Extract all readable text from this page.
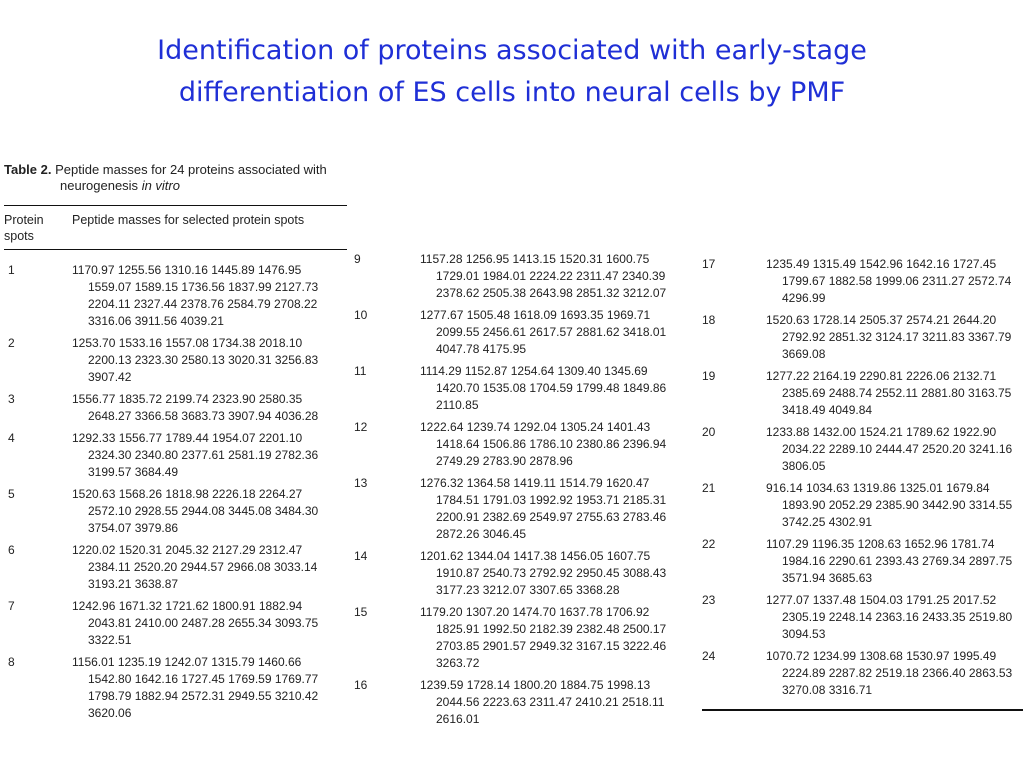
Identification of proteins associated with early-stage
differentiation of ES cells into neural cells by PMF
Table 2. Peptide masses for 24 proteins associated with
neurogenesis in vitro
Protein
spots
Peptide masses for selected protein spots
1	1170.97 1255.56 1310.16 1445.89 1476.95
1559.07 1589.15 1736.56 1837.99 2127.73
2204.11 2327.44 2378.76 2584.79 2708.22
3316.06 3911.56 4039.21
2	1253.70 1533.16 1557.08 1734.38 2018.10
2200.13 2323.30 2580.13 3020.31 3256.83
3907.42
3	1556.77 1835.72 2199.74 2323.90 2580.35
2648.27 3366.58 3683.73 3907.94 4036.28
4	1292.33 1556.77 1789.44 1954.07 2201.10
2324.30 2340.80 2377.61 2581.19 2782.36
3199.57 3684.49
5	1520.63 1568.26 1818.98 2226.18 2264.27
2572.10 2928.55 2944.08 3445.08 3484.30
3754.07 3979.86
6	1220.02 1520.31 2045.32 2127.29 2312.47
2384.11 2520.20 2944.57 2966.08 3033.14
3193.21 3638.87
7	1242.96 1671.32 1721.62 1800.91 1882.94
2043.81 2410.00 2487.28 2655.34 3093.75
3322.51
8	1156.01 1235.19 1242.07 1315.79 1460.66
1542.80 1642.16 1727.45 1769.59 1769.77
1798.79 1882.94 2572.31 2949.55 3210.42
3620.06
9	1157.28 1256.95 1413.15 1520.31 1600.75
1729.01 1984.01 2224.22 2311.47 2340.39
2378.62 2505.38 2643.98 2851.32 3212.07
10	1277.67 1505.48 1618.09 1693.35 1969.71
2099.55 2456.61 2617.57 2881.62 3418.01
4047.78 4175.95
11	1114.29 1152.87 1254.64 1309.40 1345.69
1420.70 1535.08 1704.59 1799.48 1849.86
2110.85
12	1222.64 1239.74 1292.04 1305.24 1401.43
1418.64 1506.86 1786.10 2380.86 2396.94
2749.29 2783.90 2878.96
13	1276.32 1364.58 1419.11 1514.79 1620.47
1784.51 1791.03 1992.92 1953.71 2185.31
2200.91 2382.69 2549.97 2755.63 2783.46
2872.26 3046.45
14	1201.62 1344.04 1417.38 1456.05 1607.75
1910.87 2540.73 2792.92 2950.45 3088.43
3177.23 3212.07 3307.65 3368.28
15	1179.20 1307.20 1474.70 1637.78 1706.92
1825.91 1992.50 2182.39 2382.48 2500.17
2703.85 2901.57 2949.32 3167.15 3222.46
3263.72
16	1239.59 1728.14 1800.20 1884.75 1998.13
2044.56 2223.63 2311.47 2410.21 2518.11
2616.01
17	1235.49 1315.49 1542.96 1642.16 1727.45
1799.67 1882.58 1999.06 2311.27 2572.74
4296.99
18	1520.63 1728.14 2505.37 2574.21 2644.20
2792.92 2851.32 3124.17 3211.83 3367.79
3669.08
19	1277.22 2164.19 2290.81 2226.06 2132.71
2385.69 2488.74 2552.11 2881.80 3163.75
3418.49 4049.84
20	1233.88 1432.00 1524.21 1789.62 1922.90
2034.22 2289.10 2444.47 2520.20 3241.16
3806.05
21	916.14 1034.63 1319.86 1325.01 1679.84
1893.90 2052.29 2385.90 3442.90 3314.55
3742.25 4302.91
22	1107.29 1196.35 1208.63 1652.96 1781.74
1984.16 2290.61 2393.43 2769.34 2897.75
3571.94 3685.63
23	1277.07 1337.48 1504.03 1791.25 2017.52
2305.19 2248.14 2363.16 2433.35 2519.80
3094.53
24	1070.72 1234.99 1308.68 1530.97 1995.49
2224.89 2287.82 2519.18 2366.40 2863.53
3270.08 3316.71
